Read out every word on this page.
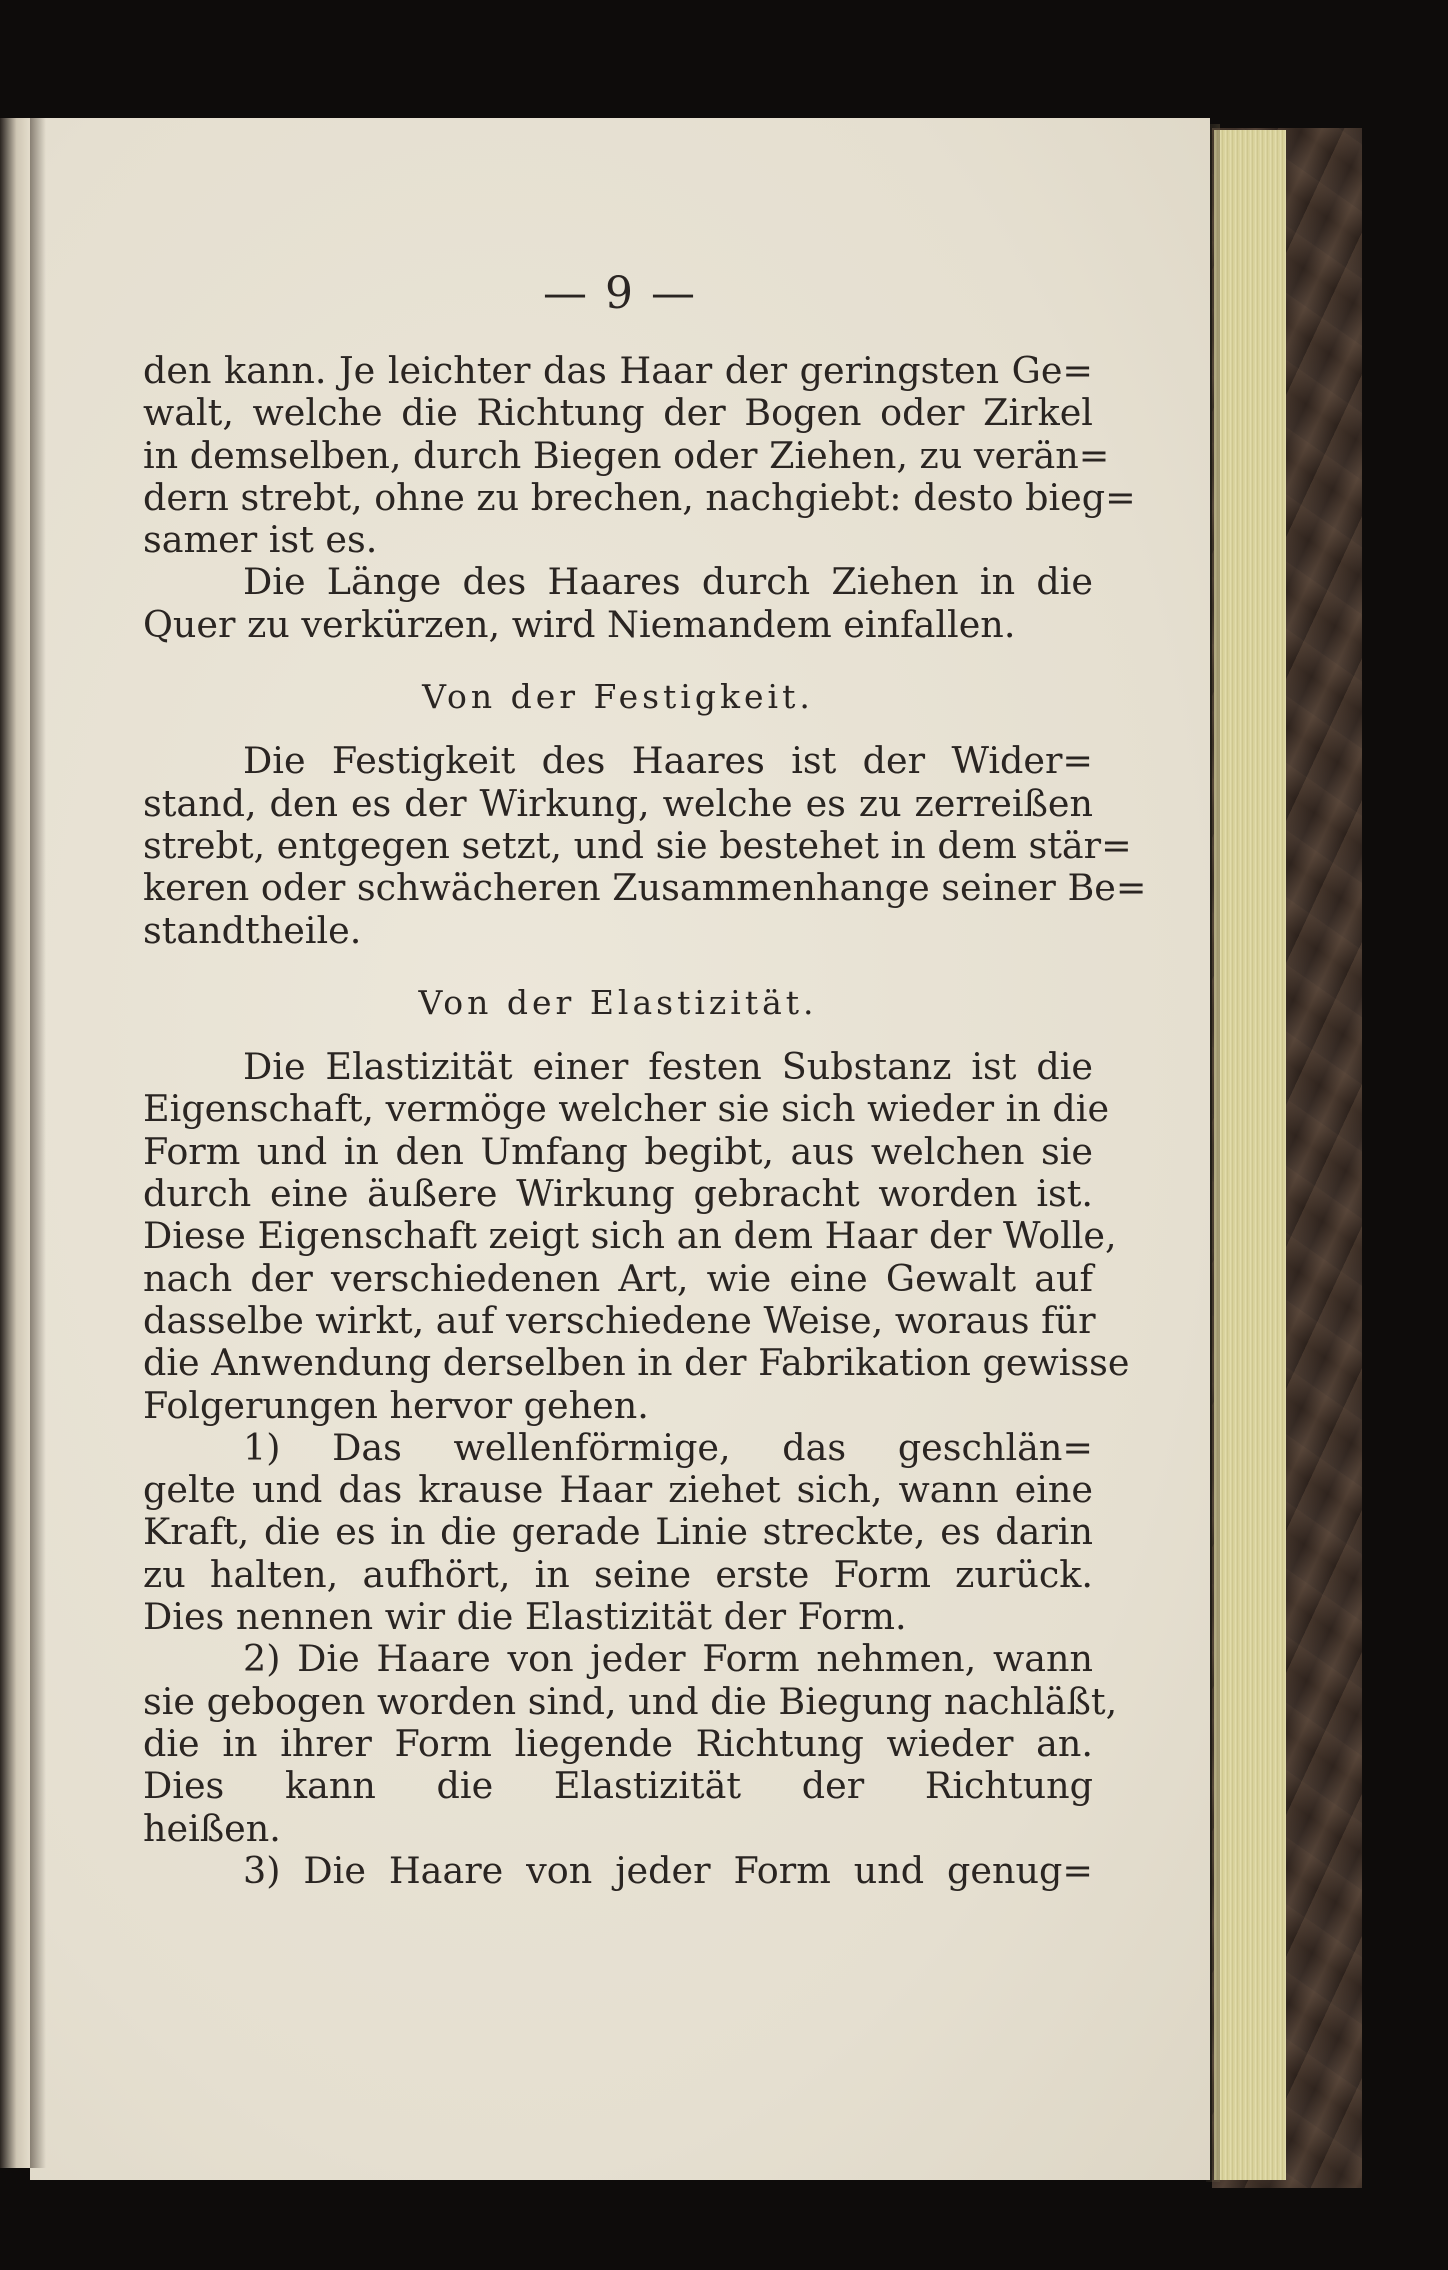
— 9 —
den kann. Je leichter das Haar der geringsten Ge=
walt, welche die Richtung der Bogen oder Zirkel
in demselben, durch Biegen oder Ziehen, zu verän=
dern strebt, ohne zu brechen, nachgiebt: desto bieg=
samer ist es.
Die Länge des Haares durch Ziehen in die
Quer zu verkürzen, wird Niemandem einfallen.
Von der Festigkeit.
Die Festigkeit des Haares ist der Wider=
stand, den es der Wirkung, welche es zu zerreißen
strebt, entgegen setzt, und sie bestehet in dem stär=
keren oder schwächeren Zusammenhange seiner Be=
standtheile.
Von der Elastizität.
Die Elastizität einer festen Substanz ist die
Eigenschaft, vermöge welcher sie sich wieder in die
Form und in den Umfang begibt, aus welchen sie
durch eine äußere Wirkung gebracht worden ist.
Diese Eigenschaft zeigt sich an dem Haar der Wolle,
nach der verschiedenen Art, wie eine Gewalt auf
dasselbe wirkt, auf verschiedene Weise, woraus für
die Anwendung derselben in der Fabrikation gewisse
Folgerungen hervor gehen.
1) Das wellenförmige, das geschlän=
gelte und das krause Haar ziehet sich, wann eine
Kraft, die es in die gerade Linie streckte, es darin
zu halten, aufhört, in seine erste Form zurück.
Dies nennen wir die Elastizität der Form.
2) Die Haare von jeder Form nehmen, wann
sie gebogen worden sind, und die Biegung nachläßt,
die in ihrer Form liegende Richtung wieder an.
Dies kann die Elastizität der Richtung
heißen.
3) Die Haare von jeder Form und genug=
